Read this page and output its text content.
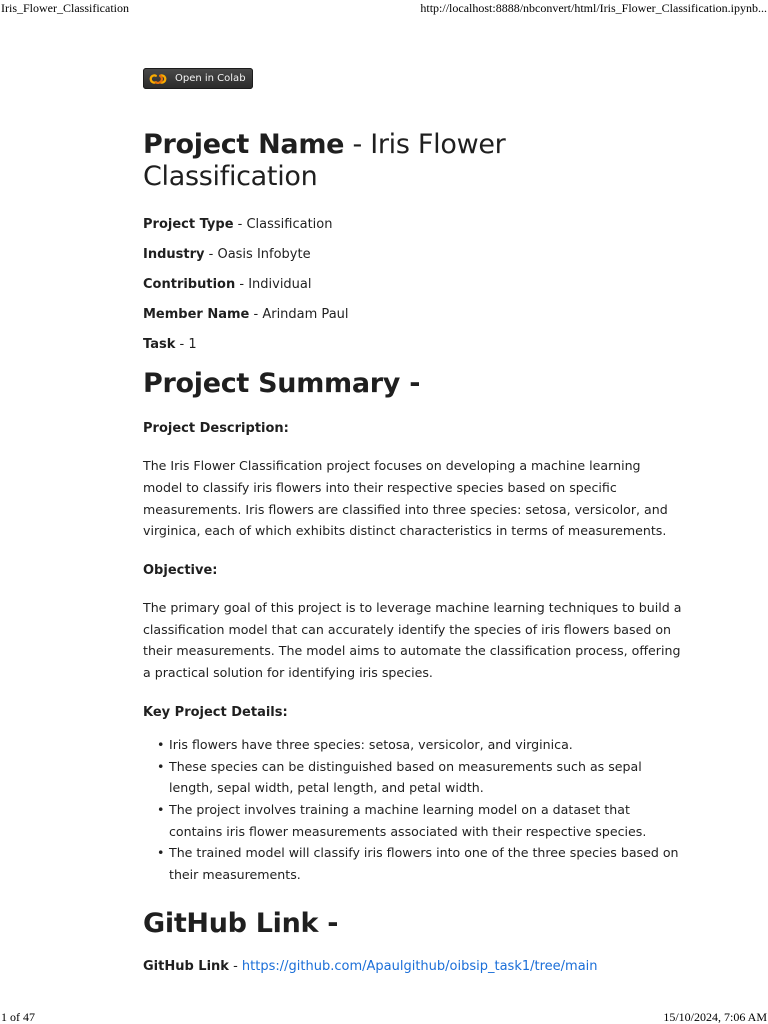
Iris_Flower_Classification	http://localhost:8888/nbconvert/html/Iris_Flower_Classification.ipynb...
Open in Colab
Project Name - Iris Flower Classification

Project Type - Classification

Industry - Oasis Infobyte

Contribution - Individual

Member Name - Arindam Paul

Task - 1

Project Summary -
Project Description:

The Iris Flower Classification project focuses on developing a machine learning model to classify iris flowers into their respective species based on specific measurements. Iris flowers are classified into three species: setosa, versicolor, and virginica, each of which exhibits distinct characteristics in terms of measurements.

Objective:

The primary goal of this project is to leverage machine learning techniques to build a classification model that can accurately identify the species of iris flowers based on their measurements. The model aims to automate the classification process, offering a practical solution for identifying iris species.

Key Project Details:
• Iris flowers have three species: setosa, versicolor, and virginica.
• These species can be distinguished based on measurements such as sepal length, sepal width, petal length, and petal width.
• The project involves training a machine learning model on a dataset that contains iris flower measurements associated with their respective species.
• The trained model will classify iris flowers into one of the three species based on their measurements.
GitHub Link -

GitHub Link - https://github.com/Apaulgithub/oibsip_task1/tree/main

1 of 47	15/10/2024, 7:06 AM
